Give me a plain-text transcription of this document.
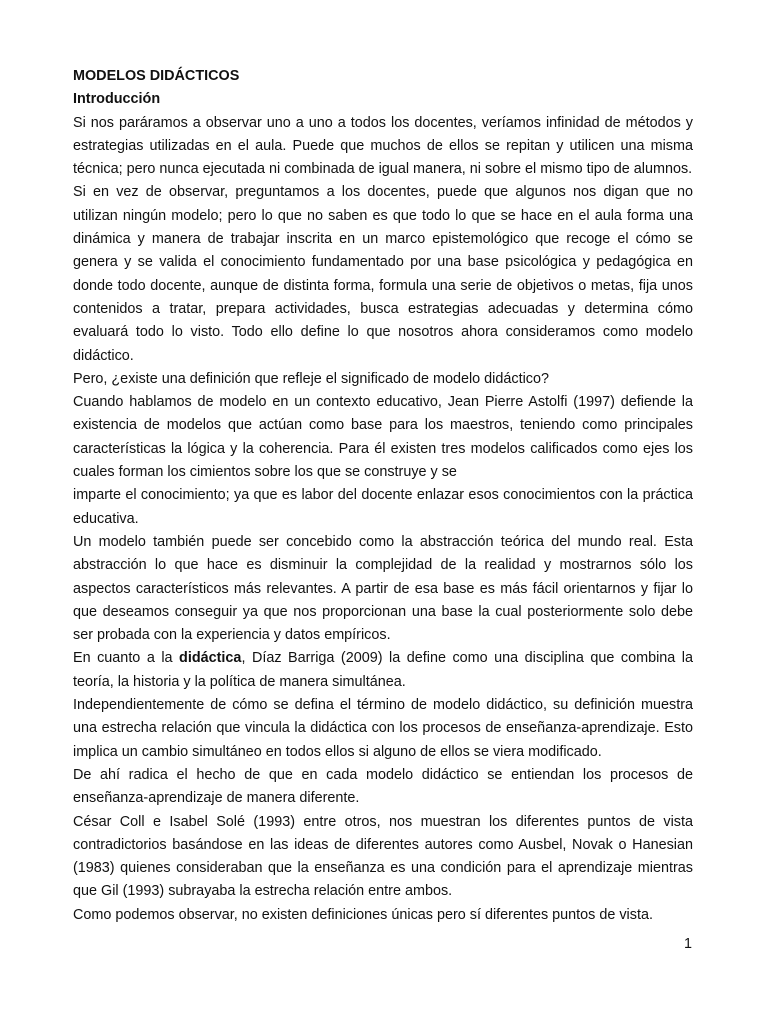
MODELOS DIDÁCTICOS

Introducción

Si nos paráramos a observar uno a uno a todos los docentes, veríamos infinidad de métodos y estrategias utilizadas en el aula. Puede que muchos de ellos se repitan y utilicen una misma técnica; pero nunca ejecutada ni combinada de igual manera, ni sobre el mismo tipo de alumnos.

Si en vez de observar, preguntamos a los docentes, puede que algunos nos digan que no utilizan ningún modelo; pero lo que no saben es que todo lo que se hace en el aula forma una dinámica y manera de trabajar inscrita en un marco epistemológico que recoge el cómo se genera y se valida el conocimiento fundamentado por una base psicológica y pedagógica en donde todo docente, aunque de distinta forma, formula una serie de objetivos o metas, fija unos contenidos a tratar, prepara actividades, busca estrategias adecuadas y determina cómo evaluará todo lo visto. Todo ello define lo que nosotros ahora consideramos como modelo didáctico.

Pero, ¿existe una definición que refleje el significado de modelo didáctico?

Cuando hablamos de modelo en un contexto educativo, Jean Pierre Astolfi (1997) defiende la existencia de modelos que actúan como base para los maestros, teniendo como principales características la lógica y la coherencia. Para él existen tres modelos calificados como ejes los cuales forman los cimientos sobre los que se construye y se

imparte el conocimiento; ya que es labor del docente enlazar esos conocimientos con la práctica educativa.

Un modelo también puede ser concebido como la abstracción teórica del mundo real. Esta abstracción lo que hace es disminuir la complejidad de la realidad y mostrarnos sólo los aspectos característicos más relevantes. A partir de esa base es más fácil orientarnos y fijar lo que deseamos conseguir ya que nos proporcionan una base la cual posteriormente solo debe ser probada con la experiencia y datos empíricos.

En cuanto a la didáctica, Díaz Barriga (2009) la define como una disciplina que combina la teoría, la historia y la política de manera simultánea.

Independientemente de cómo se defina el término de modelo didáctico, su definición muestra una estrecha relación que vincula la didáctica con los procesos de enseñanza-aprendizaje. Esto implica un cambio simultáneo en todos ellos si alguno de ellos se viera modificado.

De ahí radica el hecho de que en cada modelo didáctico se entiendan los procesos de enseñanza-aprendizaje de manera diferente.

César Coll e Isabel Solé (1993) entre otros, nos muestran los diferentes puntos de vista contradictorios basándose en las ideas de diferentes autores como Ausbel, Novak o Hanesian (1983) quienes consideraban que la enseñanza es una condición para el aprendizaje mientras que Gil (1993) subrayaba la estrecha relación entre ambos.

Como podemos observar, no existen definiciones únicas pero sí diferentes puntos de vista.

1
